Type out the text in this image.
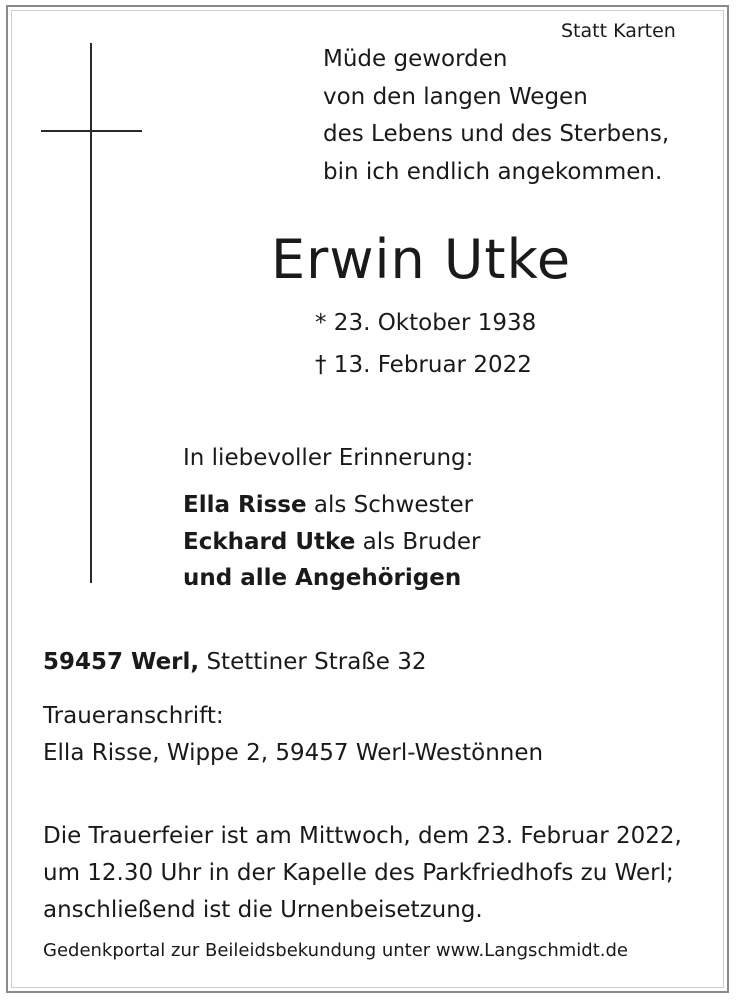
Statt Karten
Müde geworden
von den langen Wegen
des Lebens und des Sterbens,
bin ich endlich angekommen.
Erwin Utke
* 23. Oktober 1938
† 13. Februar 2022
In liebevoller Erinnerung:
Ella Risse als Schwester
Eckhard Utke als Bruder
und alle Angehörigen
59457 Werl, Stettiner Straße 32
Traueranschrift:
Ella Risse, Wippe 2, 59457 Werl-Westönnen
Die Trauerfeier ist am Mittwoch, dem 23. Februar 2022,
um 12.30 Uhr in der Kapelle des Parkfriedhofs zu Werl;
anschließend ist die Urnenbeisetzung.
Gedenkportal zur Beileidsbekundung unter www.Langschmidt.de
